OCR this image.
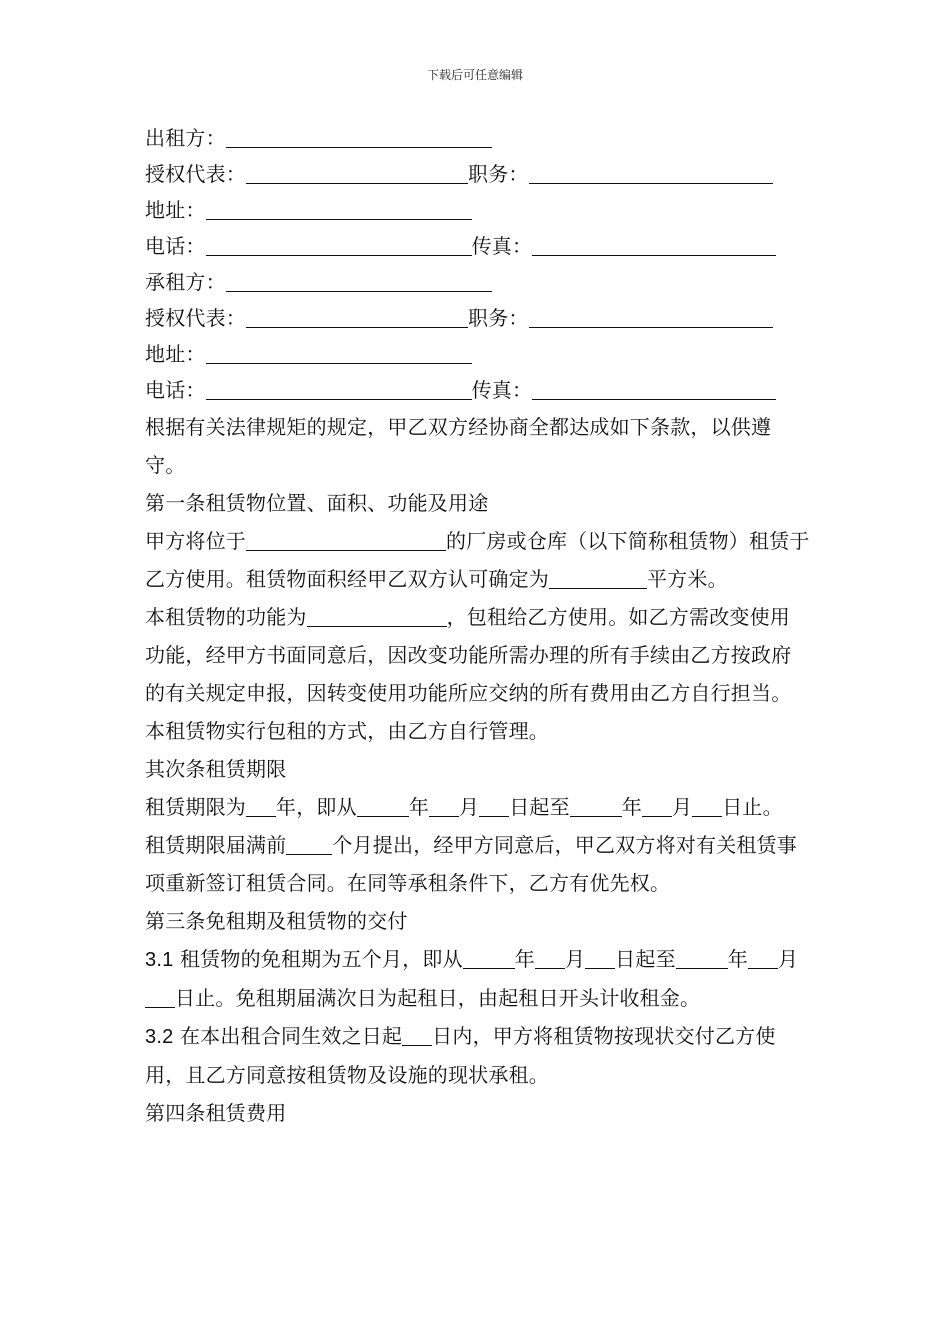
下载后可任意编辑
出租方：
授权代表：	职务：
地址：
电话：	传真：
承租方：
授权代表：	职务：
地址：
电话：	传真：

根据有关法律规矩的规定，甲乙双方经协商全都达成如下条款，以供遵守。

第一条租赁物位置、面积、功能及用途

甲方将位于	的厂房或仓库（以下简称租赁物）租赁于乙方使用。租赁物面积经甲乙双方认可确定为	平方米。

本租赁物的功能为	，包租给乙方使用。如乙方需改变使用功能，经甲方书面同意后，因改变功能所需办理的所有手续由乙方按政府的有关规定申报，因转变使用功能所应交纳的所有费用由乙方自行担当。

本租赁物实行包租的方式，由乙方自行管理。

其次条租赁期限

租赁期限为 年，即从	年 月 日起至	年 月 日止。

租赁期限届满前 个月提出，经甲方同意后，甲乙双方将对有关租赁事项重新签订租赁合同。在同等承租条件下，乙方有优先权。

第三条免租期及租赁物的交付

3.1 租赁物的免租期为五个月，即从	年 月 日起至	年 月日止。免租期届满次日为起租日，由起租日开头计收租金。

3.2 在本出租合同生效之日起 日内，甲方将租赁物按现状交付乙方使用，且乙方同意按租赁物及设施的现状承租。

第四条租赁费用
